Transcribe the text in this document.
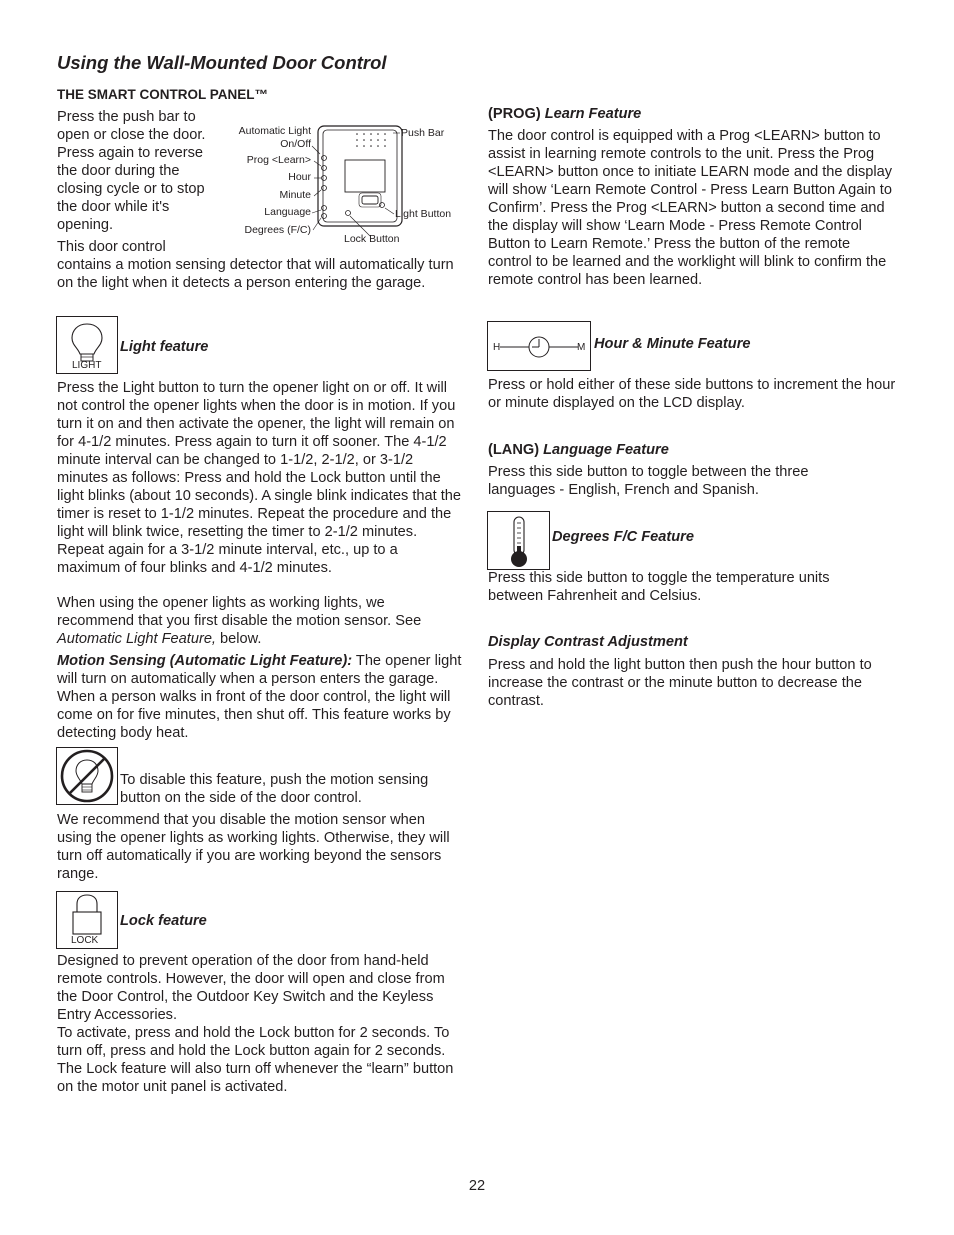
Using the Wall-Mounted Door Control
THE SMART CONTROL PANEL™
Press the push bar to
open or close the door.
Press again to reverse
the door during the
closing cycle or to stop
the door while it's
opening.
Automatic Light
On/Off
Prog <Learn>
Hour
Minute
Language
Degrees (F/C)
Push Bar
Light Button
Lock Button
This door control
contains a motion sensing detector that will automatically turn on the light when it detects a person entering the garage.
LIGHT
Light feature
Press the Light button to turn the opener light on or off. It will not control the opener lights when the door is in motion. If you turn it on and then activate the opener, the light will remain on for 4-1/2 minutes. Press again to turn it off sooner. The 4-1/2 minute interval can be changed to 1-1/2, 2-1/2, or 3-1/2 minutes as follows: Press and hold the Lock button until the light blinks (about 10 seconds). A single blink indicates that the timer is reset to 1-1/2 minutes. Repeat the procedure and the light will blink twice, resetting the timer to 2-1/2 minutes. Repeat again for a 3-1/2 minute interval, etc., up to a maximum of four blinks and 4-1/2 minutes.
When using the opener lights as working lights, we recommend that you first disable the motion sensor. See Automatic Light Feature, below.
Motion Sensing (Automatic Light Feature): The opener light will turn on automatically when a person enters the garage. When a person walks in front of the door control, the light will come on for five minutes, then shut off. This feature works by detecting body heat.
To disable this feature, push the motion sensing button on the side of the door control.
We recommend that you disable the motion sensor when using the opener lights as working lights. Otherwise, they will turn off automatically if you are working beyond the sensors range.
LOCK
Lock feature
Designed to prevent operation of the door from hand-held remote controls. However, the door will open and close from the Door Control, the Outdoor Key Switch and the Keyless Entry Accessories.
To activate, press and hold the Lock button for 2 seconds. To turn off, press and hold the Lock button again for 2 seconds. The Lock feature will also turn off whenever the “learn” button on the motor unit panel is activated.
(PROG) Learn Feature
The door control is equipped with a Prog <LEARN> button to assist in learning remote controls to the unit. Press the Prog <LEARN> button once to initiate LEARN mode and the display will show ‘Learn Remote Control - Press Learn Button Again to Confirm’. Press the Prog <LEARN> button a second time and the display will show ‘Learn Mode - Press Remote Control Button to Learn Remote.’ Press the button of the remote control to be learned and the worklight will blink to confirm the remote control has been learned.
H	M Hour & Minute Feature
Press or hold either of these side buttons to increment the hour or minute displayed on the LCD display.
(LANG) Language Feature
Press this side button to toggle between the three languages - English, French and Spanish.
Degrees F/C Feature
Press this side button to toggle the temperature units between Fahrenheit and Celsius.
Display Contrast Adjustment
Press and hold the light button then push the hour button to increase the contrast or the minute button to decrease the contrast.
22
